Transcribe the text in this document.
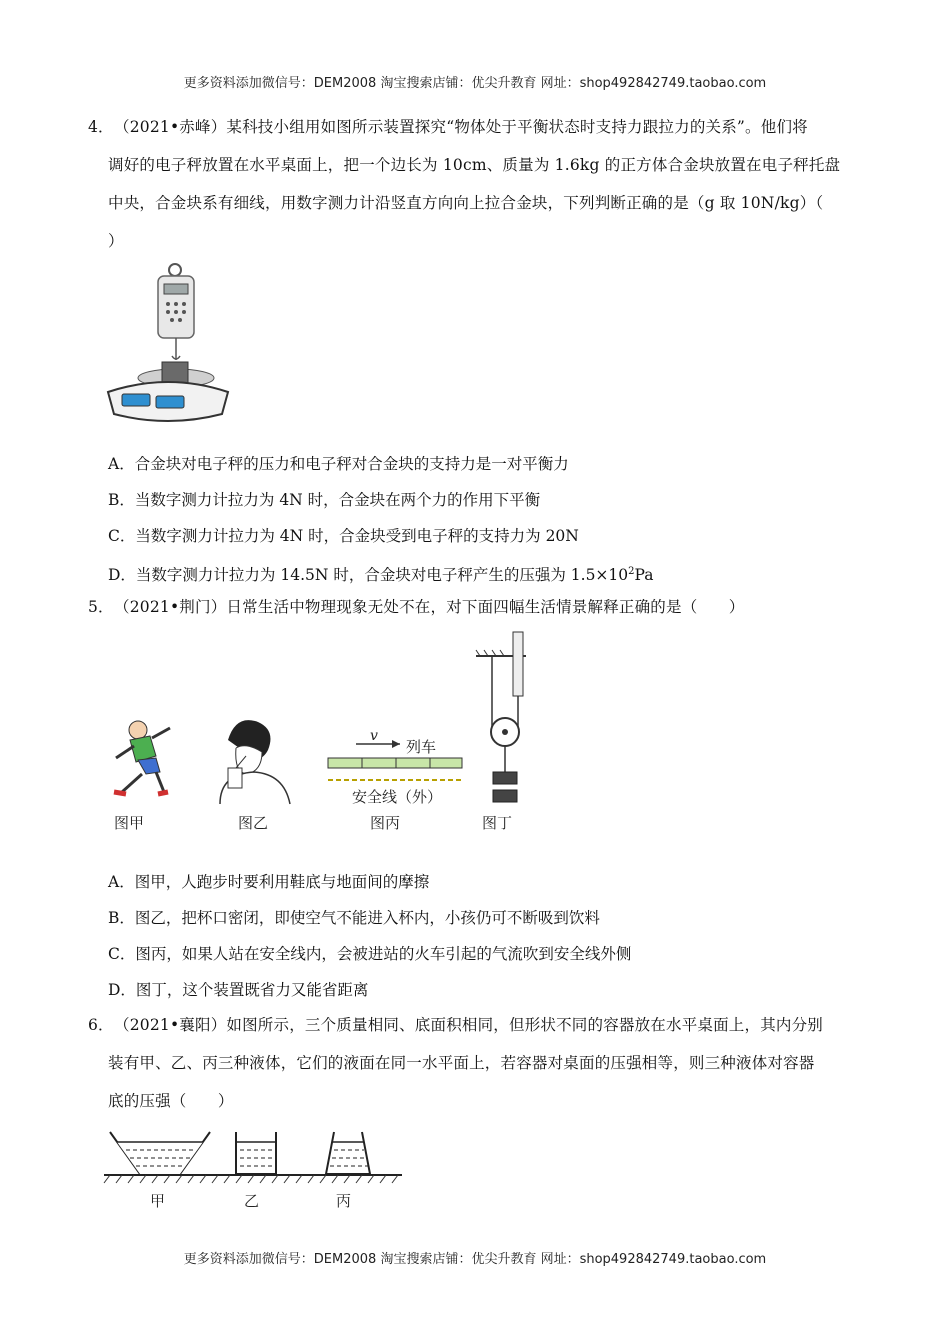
更多资料添加微信号：DEM2008 淘宝搜索店铺：优尖升教育 网址：shop492842749.taobao.com
4．（2021•赤峰）某科技小组用如图所示装置探究“物体处于平衡状态时支持力跟拉力的关系”。他们将
调好的电子秤放置在水平桌面上，把一个边长为 10cm、质量为 1.6kg 的正方体合金块放置在电子秤托盘
中央，合金块系有细线，用数字测力计沿竖直方向向上拉合金块，下列判断正确的是（g 取 10N/kg）（
）
A．合金块对电子秤的压力和电子秤对合金块的支持力是一对平衡力
B．当数字测力计拉力为 4N 时，合金块在两个力的作用下平衡
C．当数字测力计拉力为 4N 时，合金块受到电子秤的支持力为 20N
D．当数字测力计拉力为 14.5N 时，合金块对电子秤产生的压强为 $1.5\times 10^2Pa$
5．（2021•荆门）日常生活中物理现象无处不在，对下面四幅生活情景解释正确的是（　　）
v
列车
安全线（外）
图甲	图乙	图丙	图丁
A．图甲，人跑步时要利用鞋底与地面间的摩擦
B．图乙，把杯口密闭，即使空气不能进入杯内，小孩仍可不断吸到饮料
C．图丙，如果人站在安全线内，会被进站的火车引起的气流吹到安全线外侧
D．图丁，这个装置既省力又能省距离
6．（2021•襄阳）如图所示，三个质量相同、底面积相同，但形状不同的容器放在水平桌面上，其内分别
装有甲、乙、丙三种液体，它们的液面在同一水平面上，若容器对桌面的压强相等，则三种液体对容器
底的压强（　　）
甲	乙	丙
更多资料添加微信号：DEM2008 淘宝搜索店铺：优尖升教育 网址：shop492842749.taobao.com
